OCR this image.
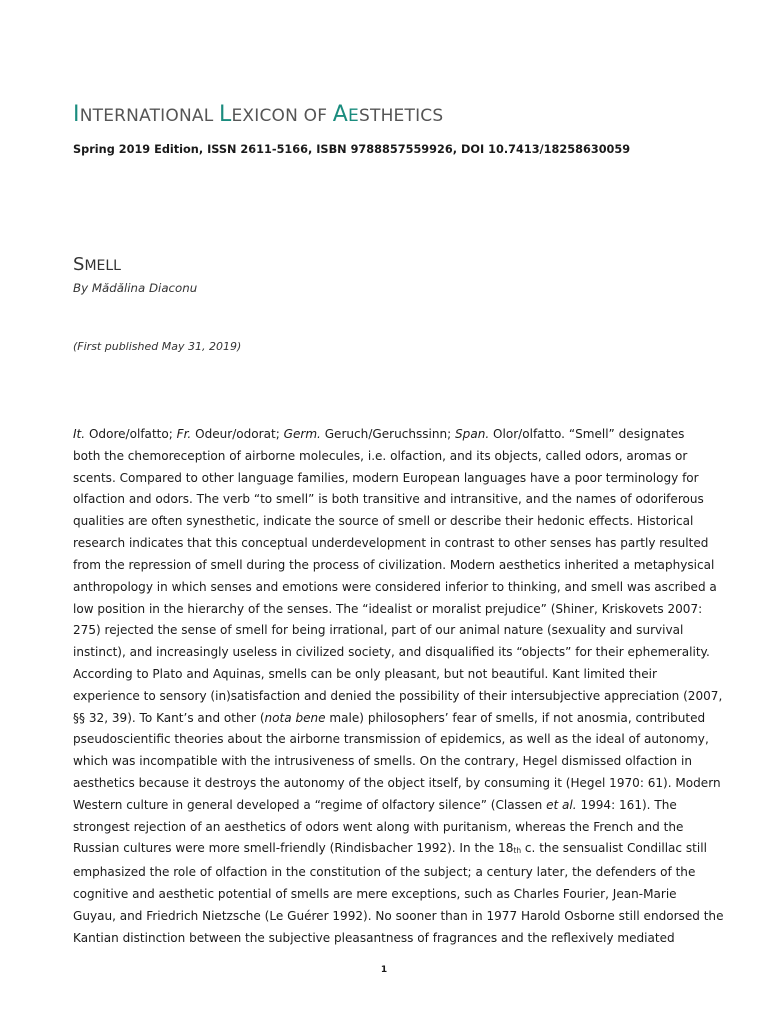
INTERNATIONAL LEXICON OF AESTHETICS

Spring 2019 Edition, ISSN 2611-5166, ISBN 9788857559926, DOI 10.7413/18258630059

SMELL

By Mădălina Diaconu

(First published May 31, 2019)

It. Odore/olfatto; Fr. Odeur/odorat; Germ. Geruch/Geruchssinn; Span. Olor/olfatto. “Smell” designates
both the chemoreception of airborne molecules, i.e. olfaction, and its objects, called odors, aromas or
scents. Compared to other language families, modern European languages have a poor terminology for
olfaction and odors. The verb “to smell” is both transitive and intransitive, and the names of odoriferous
qualities are often synesthetic, indicate the source of smell or describe their hedonic effects. Historical
research indicates that this conceptual underdevelopment in contrast to other senses has partly resulted
from the repression of smell during the process of civilization. Modern aesthetics inherited a metaphysical
anthropology in which senses and emotions were considered inferior to thinking, and smell was ascribed a
low position in the hierarchy of the senses. The “idealist or moralist prejudice” (Shiner, Kriskovets 2007:
275) rejected the sense of smell for being irrational, part of our animal nature (sexuality and survival
instinct), and increasingly useless in civilized society, and disqualified its “objects” for their ephemerality.
According to Plato and Aquinas, smells can be only pleasant, but not beautiful. Kant limited their
experience to sensory (in)satisfaction and denied the possibility of their intersubjective appreciation (2007,
§§ 32, 39). To Kant’s and other (nota bene male) philosophers’ fear of smells, if not anosmia, contributed
pseudoscientific theories about the airborne transmission of epidemics, as well as the ideal of autonomy,
which was incompatible with the intrusiveness of smells. On the contrary, Hegel dismissed olfaction in
aesthetics because it destroys the autonomy of the object itself, by consuming it (Hegel 1970: 61). Modern
Western culture in general developed a “regime of olfactory silence” (Classen et al. 1994: 161). The
strongest rejection of an aesthetics of odors went along with puritanism, whereas the French and the
Russian cultures were more smell-friendly (Rindisbacher 1992). In the 18th c. the sensualist Condillac still
emphasized the role of olfaction in the constitution of the subject; a century later, the defenders of the
cognitive and aesthetic potential of smells are mere exceptions, such as Charles Fourier, Jean-Marie
Guyau, and Friedrich Nietzsche (Le Guérer 1992). No sooner than in 1977 Harold Osborne still endorsed the
Kantian distinction between the subjective pleasantness of fragrances and the reflexively mediated

1
